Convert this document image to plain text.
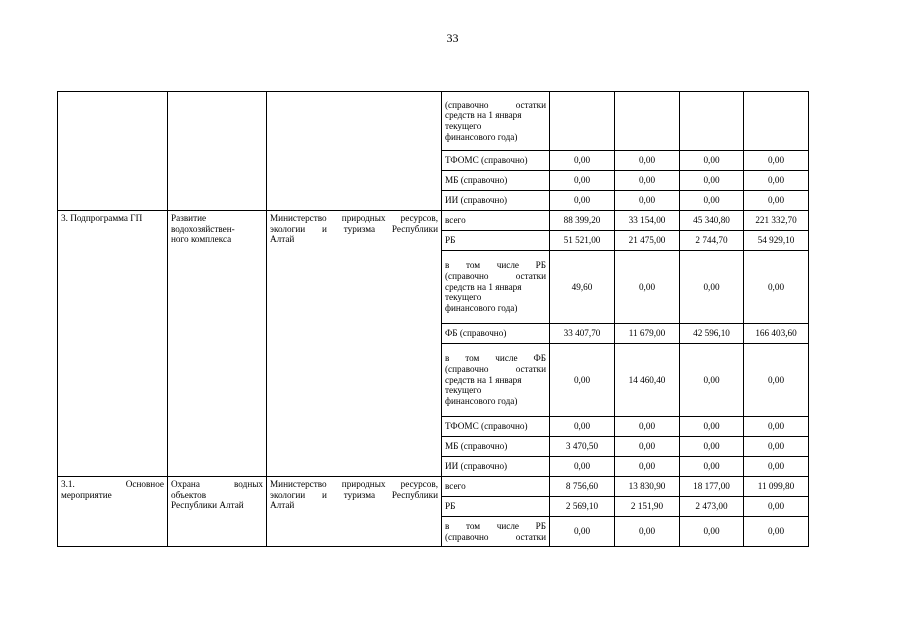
33

			(справочно остатки
средств на 1 января
текущего
финансового года)				

			ТФОМС (справочно)	0,00	0,00	0,00	0,00
			МБ (справочно)	0,00	0,00	0,00	0,00
			ИИ (справочно)	0,00	0,00	0,00	0,00
3. Подпрограмма ГП	Развитие
водохозяйствен-
ного комплекса	Министерство природных ресурсов,
экологии и туризма Республики
Алтай	всего	88 399,20	33 154,00	45 340,80	221 332,70
			РБ	51 521,00	21 475,00	2 744,70	54 929,10

			в том числе РБ
(справочно остатки
средств на 1 января
текущего
финансового года)	49,60	0,00	0,00	0,00
			ФБ (справочно)	33 407,70	11 679,00	42 596,10	166 403,60

			в том числе ФБ
(справочно остатки
средств на 1 января
текущего
финансового года)	0,00	14 460,40	0,00	0,00
			ТФОМС (справочно)	0,00	0,00	0,00	0,00
			МБ (справочно)	3 470,50	0,00	0,00	0,00
			ИИ (справочно)	0,00	0,00	0,00	0,00

3.1. Основное
мероприятие	Охрана водных
объектов
Республики Алтай	Министерство природных ресурсов,
экологии и туризма Республики
Алтай	всего	8 756,60	13 830,90	18 177,00	11 099,80
			РБ	2 569,10	2 151,90	2 473,00	0,00

			в том числе РБ
(справочно остатки	0,00	0,00	0,00	0,00
